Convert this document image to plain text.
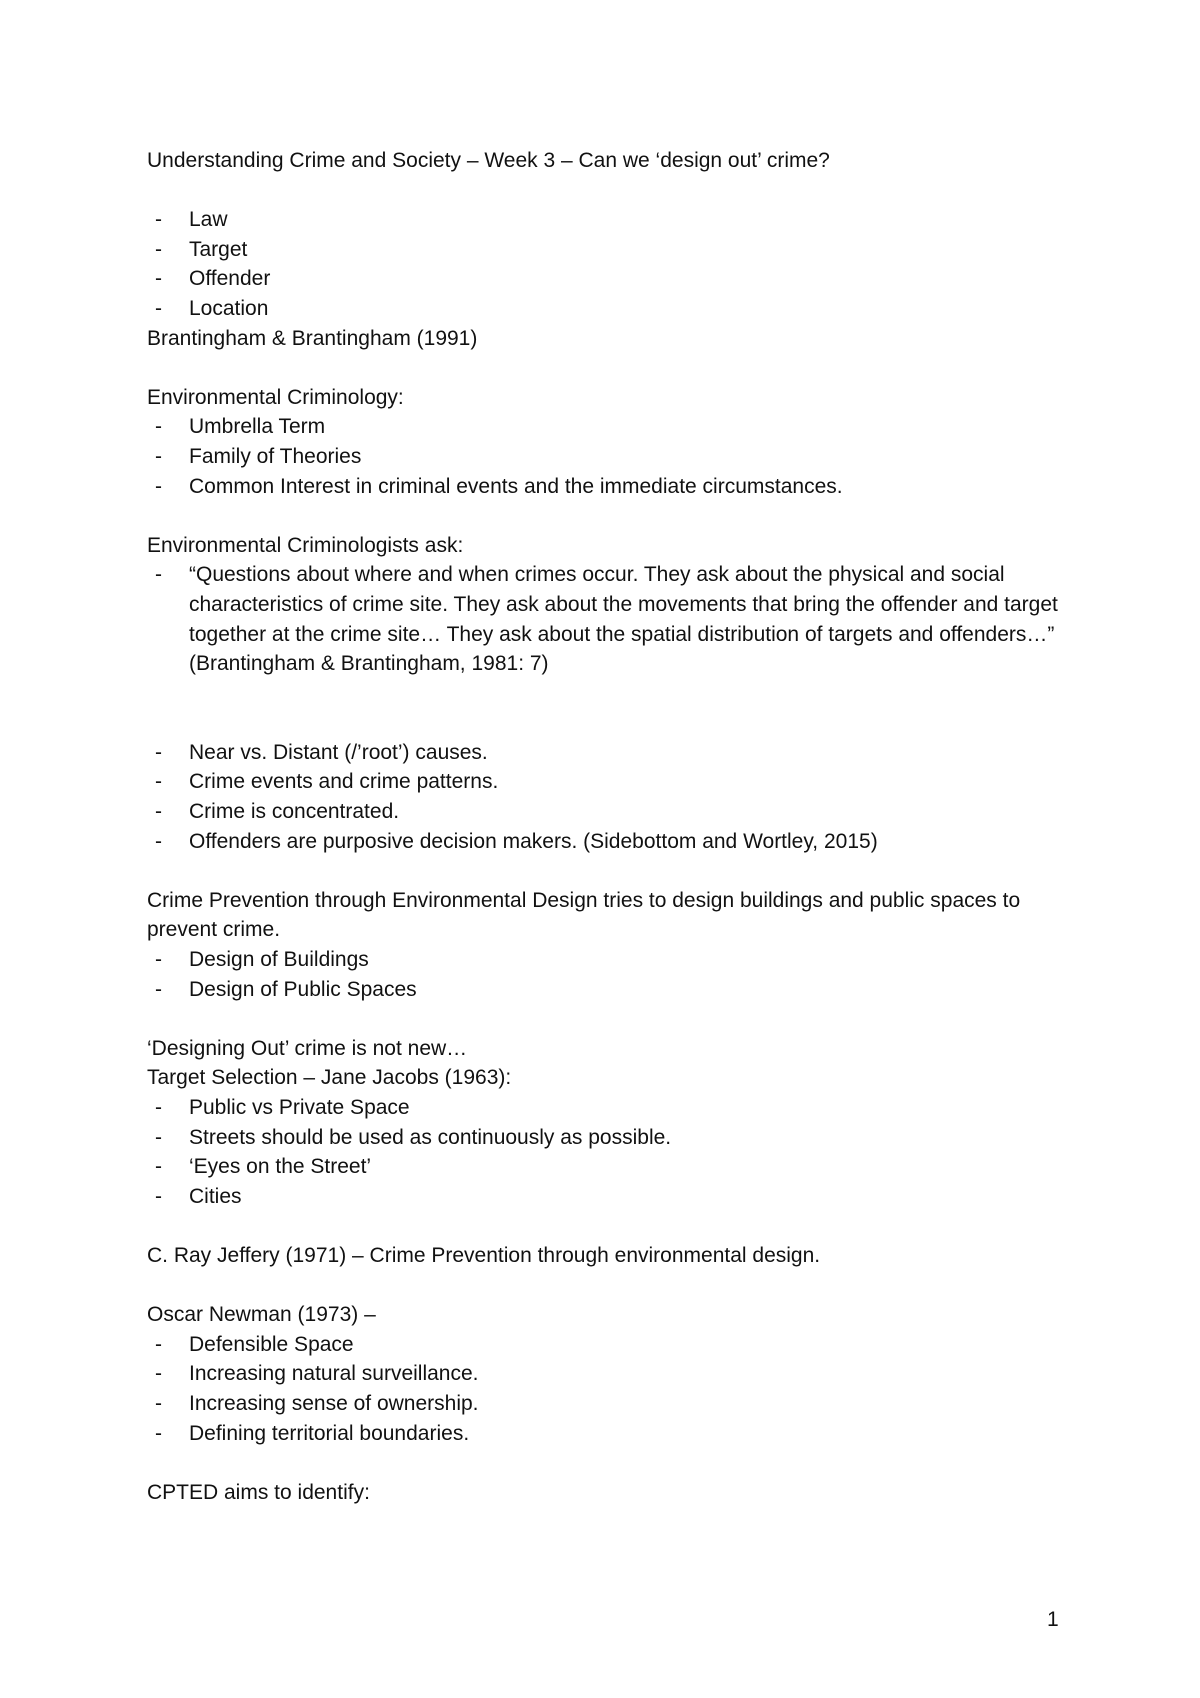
Understanding Crime and Society – Week 3 – Can we ‘design out’ crime?

- Law
- Target
- Offender
- Location

Brantingham & Brantingham (1991)

Environmental Criminology:

- Umbrella Term
- Family of Theories
- Common Interest in criminal events and the immediate circumstances.

Environmental Criminologists ask:

- “Questions about where and when crimes occur. They ask about the physical and social characteristics of crime site. They ask about the movements that bring the offender and target together at the crime site… They ask about the spatial distribution of targets and offenders…” (Brantingham & Brantingham, 1981: 7)
- Near vs. Distant (/’root’) causes.
- Crime events and crime patterns.
- Crime is concentrated.
- Offenders are purposive decision makers. (Sidebottom and Wortley, 2015)

Crime Prevention through Environmental Design tries to design buildings and public spaces to prevent crime.

- Design of Buildings
- Design of Public Spaces

‘Designing Out’ crime is not new…

Target Selection – Jane Jacobs (1963):

- Public vs Private Space
- Streets should be used as continuously as possible.
- ‘Eyes on the Street’
- Cities

C. Ray Jeffery (1971) – Crime Prevention through environmental design.

Oscar Newman (1973) –

- Defensible Space
- Increasing natural surveillance.
- Increasing sense of ownership.
- Defining territorial boundaries.

CPTED aims to identify:

1
